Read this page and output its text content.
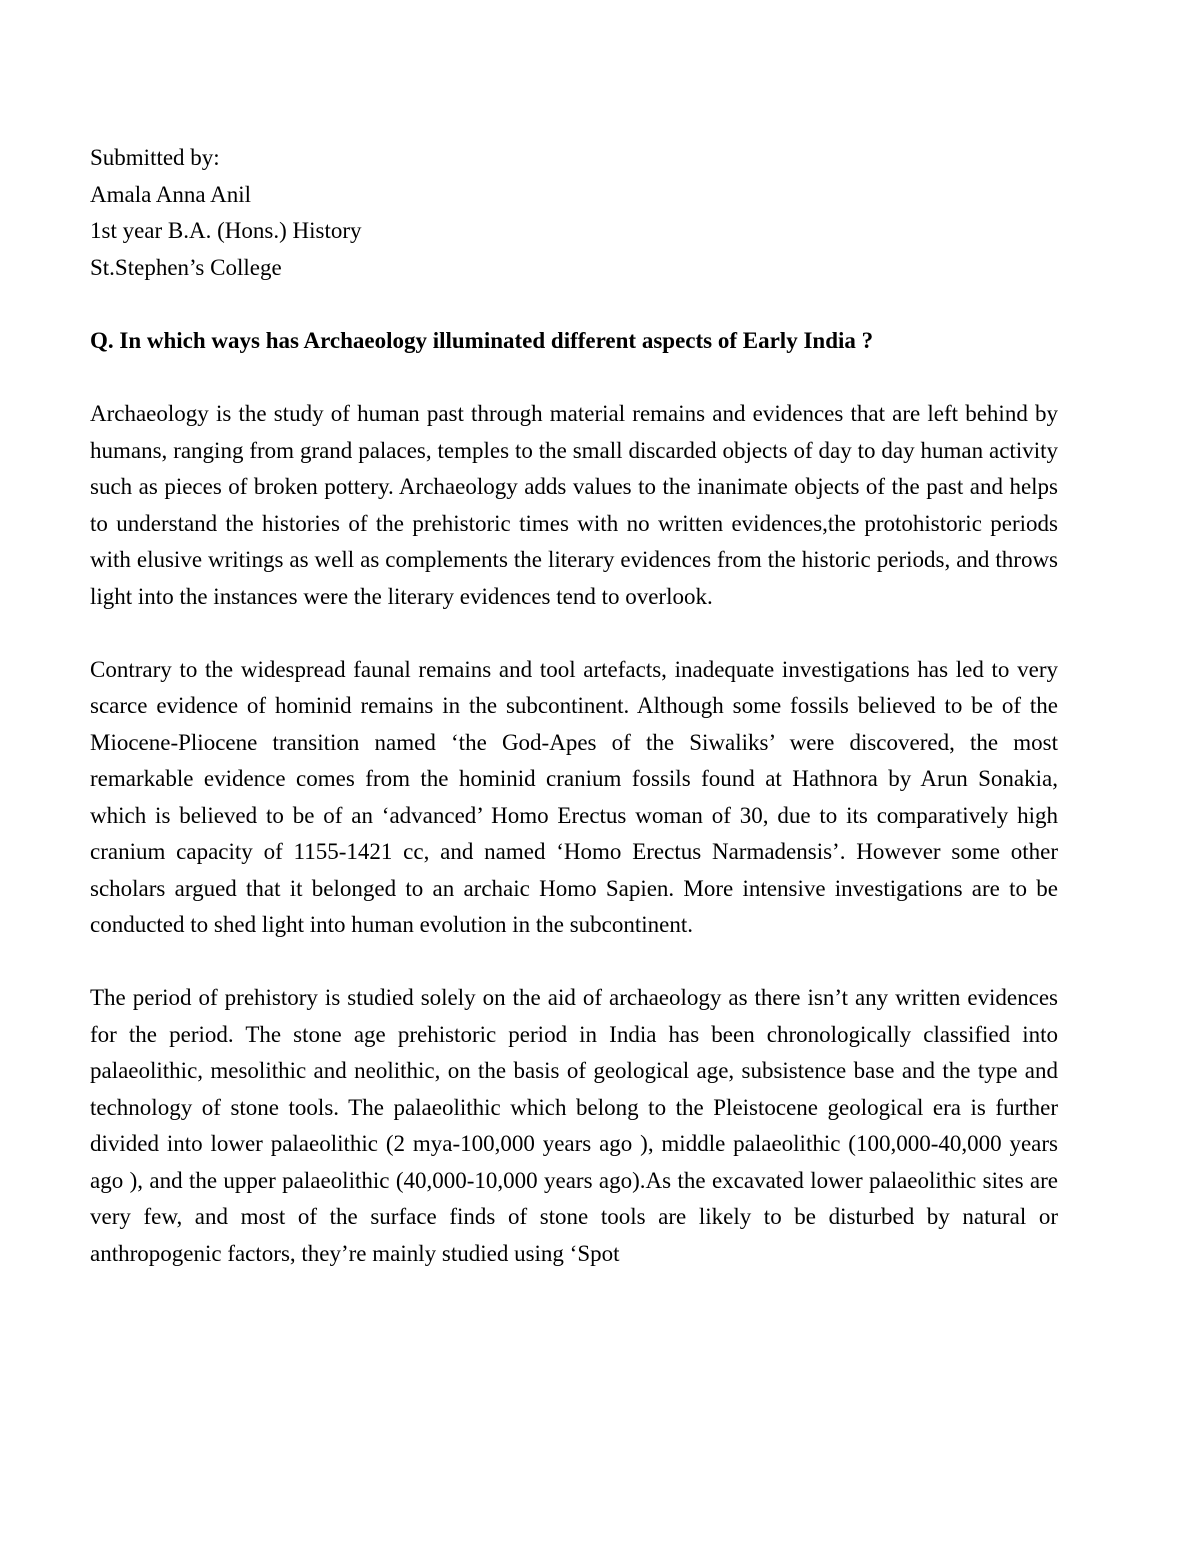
Submitted by:
Amala Anna Anil
1st year B.A. (Hons.) History
St.Stephen’s College
Q. In which ways has Archaeology illuminated different aspects of Early India ?

Archaeology is the study of human past through material remains and evidences that are left behind by humans, ranging from grand palaces, temples to the small discarded objects of day to day human activity such as pieces of broken pottery. Archaeology adds values to the inanimate objects of the past and helps to understand the histories of the prehistoric times with no written evidences,the protohistoric periods with elusive writings as well as complements the literary evidences from the historic periods, and throws light into the instances were the literary evidences tend to overlook.

Contrary to the widespread faunal remains and tool artefacts, inadequate investigations has led to very scarce evidence of hominid remains in the subcontinent. Although some fossils believed to be of the Miocene-Pliocene transition named ‘the God-Apes of the Siwaliks’ were discovered, the most remarkable evidence comes from the hominid cranium fossils found at Hathnora by Arun Sonakia, which is believed to be of an ‘advanced’ Homo Erectus woman of 30, due to its comparatively high cranium capacity of 1155-1421 cc, and named ‘Homo Erectus Narmadensis’. However some other scholars argued that it belonged to an archaic Homo Sapien. More intensive investigations are to be conducted to shed light into human evolution in the subcontinent.

The period of prehistory is studied solely on the aid of archaeology as there isn’t any written evidences for the period. The stone age prehistoric period in India has been chronologically classified into palaeolithic, mesolithic and neolithic, on the basis of geological age, subsistence base and the type and technology of stone tools. The palaeolithic which belong to the Pleistocene geological era is further divided into lower palaeolithic (2 mya-100,000 years ago ), middle palaeolithic (100,000-40,000 years ago ), and the upper palaeolithic (40,000-10,000 years ago).As the excavated lower palaeolithic sites are very few, and most of the surface finds of stone tools are likely to be disturbed by natural or anthropogenic factors, they’re mainly studied using ‘Spot
